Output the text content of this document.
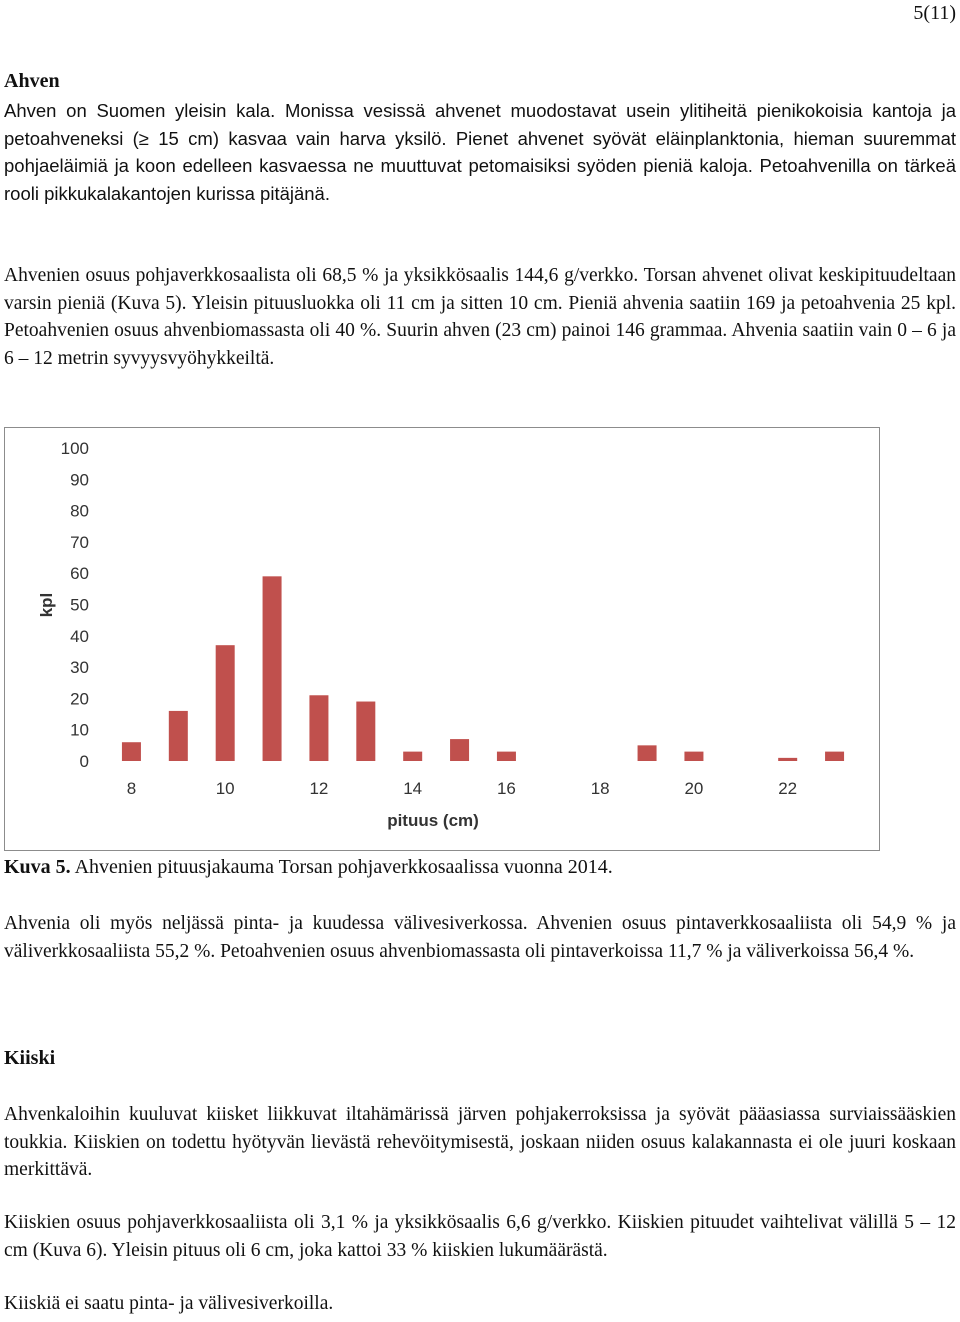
5(11)
Ahven

Ahven on Suomen yleisin kala. Monissa vesissä ahvenet muodostavat usein ylitiheitä pienikokoisia kantoja ja petoahveneksi (≥ 15 cm) kasvaa vain harva yksilö. Pienet ahvenet syövät eläinplanktonia, hieman suuremmat pohjaeläimiä ja koon edelleen kasvaessa ne muuttuvat petomaisiksi syöden pieniä kaloja. Petoahvenilla on tärkeä rooli pikkukalakantojen kurissa pitäjänä.

Ahvenien osuus pohjaverkkosaalista oli 68,5 % ja yksikkösaalis 144,6 g/verkko. Torsan ahvenet olivat keskipituudeltaan varsin pieniä (Kuva 5). Yleisin pituusluokka oli 11 cm ja sitten 10 cm. Pieniä ahvenia saatiin 169 ja petoahvenia 25 kpl. Petoahvenien osuus ahvenbiomassasta oli 40 %. Suurin ahven (23 cm) painoi 146 grammaa. Ahvenia saatiin vain 0 – 6 ja 6 – 12 metrin syvyysvyöhykkeiltä.

0
10
20
30
40
50
60
70
80
90
100
8	10	12	14	16	18	20	22
pituus (cm)
kpl
Kuva 5. Ahvenien pituusjakauma Torsan pohjaverkkosaalissa vuonna 2014.

Ahvenia oli myös neljässä pinta- ja kuudessa välivesiverkossa. Ahvenien osuus pintaverkkosaaliista oli 54,9 % ja väliverkkosaaliista 55,2 %. Petoahvenien osuus ahvenbiomassasta oli pintaverkoissa 11,7 % ja väliverkoissa 56,4 %.

Kiiski

Ahvenkaloihin kuuluvat kiisket liikkuvat iltahämärissä järven pohjakerroksissa ja syövät pääasiassa surviaissääskien toukkia. Kiiskien on todettu hyötyvän lievästä rehevöitymisestä, joskaan niiden osuus kalakannasta ei ole juuri koskaan merkittävä.

Kiiskien osuus pohjaverkkosaaliista oli 3,1 % ja yksikkösaalis 6,6 g/verkko. Kiiskien pituudet vaihtelivat välillä 5 – 12 cm (Kuva 6). Yleisin pituus oli 6 cm, joka kattoi 33 % kiiskien lukumäärästä.

Kiiskiä ei saatu pinta- ja välivesiverkoilla.
